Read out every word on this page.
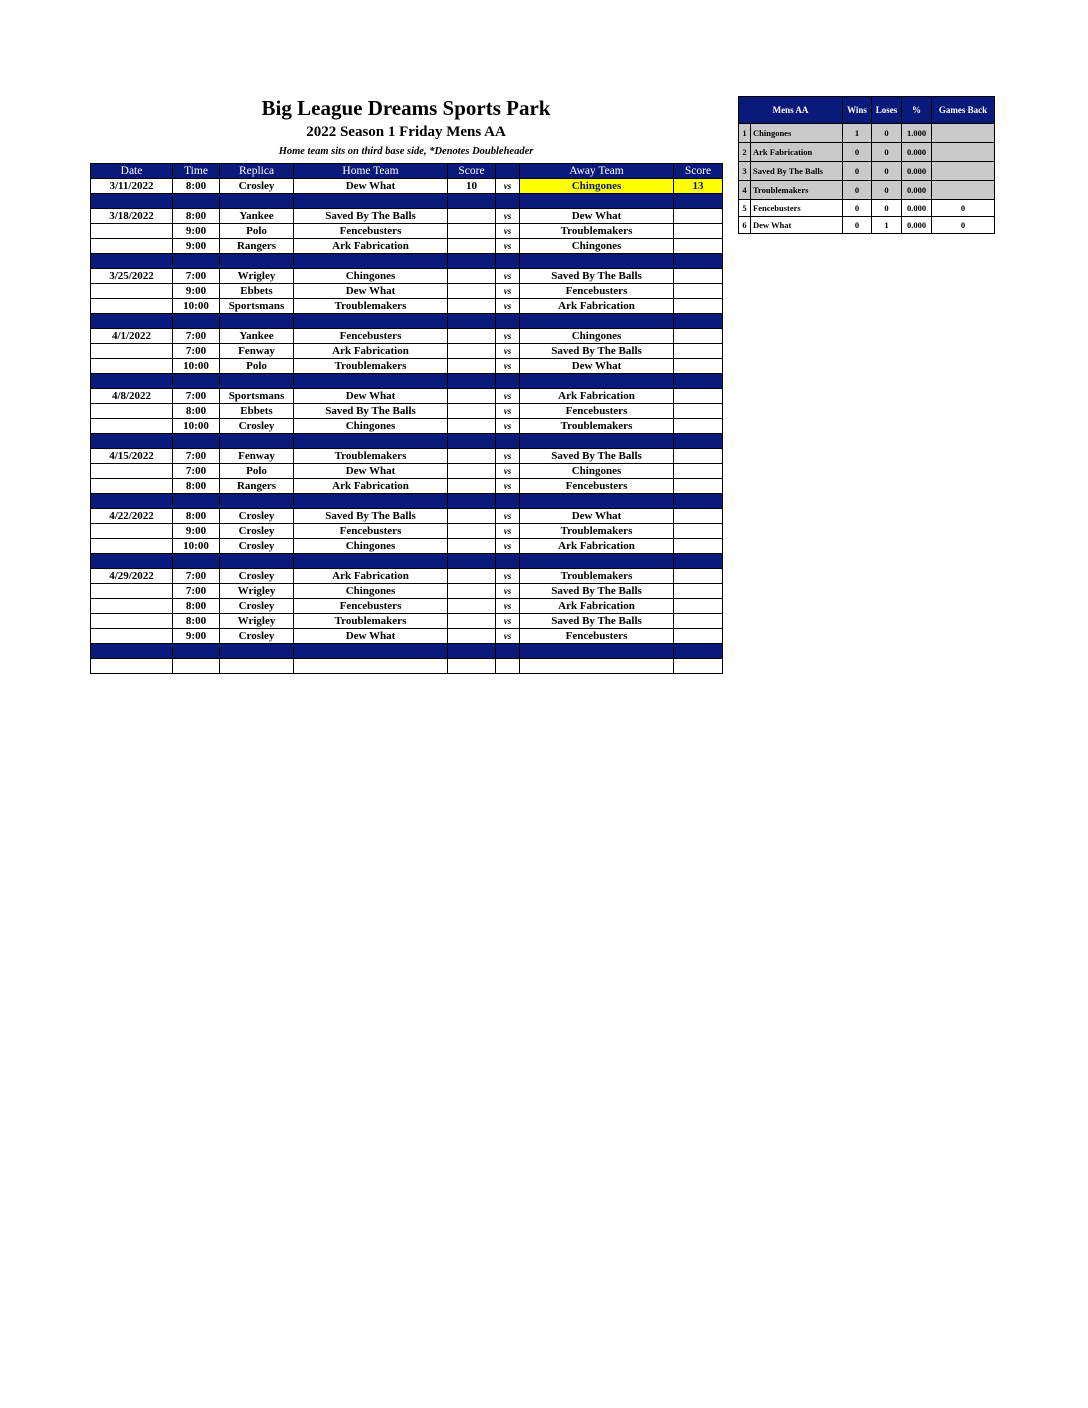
Big League Dreams Sports Park
2022 Season 1 Friday Mens AA
Home team sits on third base side, *Denotes Doubleheader
Date	Time	Replica	Home Team	Score		Away Team	Score
3/11/2022	8:00	Crosley	Dew What	10	vs	Chingones	13

3/18/2022	8:00	Yankee	Saved By The Balls		vs	Dew What	
	9:00	Polo	Fencebusters		vs	Troublemakers	
	9:00	Rangers	Ark Fabrication		vs	Chingones	

3/25/2022	7:00	Wrigley	Chingones		vs	Saved By The Balls	
	9:00	Ebbets	Dew What		vs	Fencebusters	
	10:00	Sportsmans	Troublemakers		vs	Ark Fabrication	

4/1/2022	7:00	Yankee	Fencebusters		vs	Chingones	
	7:00	Fenway	Ark Fabrication		vs	Saved By The Balls	
	10:00	Polo	Troublemakers		vs	Dew What	

4/8/2022	7:00	Sportsmans	Dew What		vs	Ark Fabrication	
	8:00	Ebbets	Saved By The Balls		vs	Fencebusters	
	10:00	Crosley	Chingones		vs	Troublemakers	

4/15/2022	7:00	Fenway	Troublemakers		vs	Saved By The Balls	
	7:00	Polo	Dew What		vs	Chingones	
	8:00	Rangers	Ark Fabrication		vs	Fencebusters	

4/22/2022	8:00	Crosley	Saved By The Balls		vs	Dew What	
	9:00	Crosley	Fencebusters		vs	Troublemakers	
	10:00	Crosley	Chingones		vs	Ark Fabrication	

4/29/2022	7:00	Crosley	Ark Fabrication		vs	Troublemakers	
	7:00	Wrigley	Chingones		vs	Saved By The Balls	
	8:00	Crosley	Fencebusters		vs	Ark Fabrication	
	8:00	Wrigley	Troublemakers		vs	Saved By The Balls	
	9:00	Crosley	Dew What		vs	Fencebusters	

Mens AA		Wins	Loses	%	Games Back
1	Chingones	1	0	1.000	
2	Ark Fabrication	0	0	0.000	
3	Saved By The Balls	0	0	0.000	
4	Troublemakers	0	0	0.000	
5	Fencebusters	0	0	0.000	0
6	Dew What	0	1	0.000	0
